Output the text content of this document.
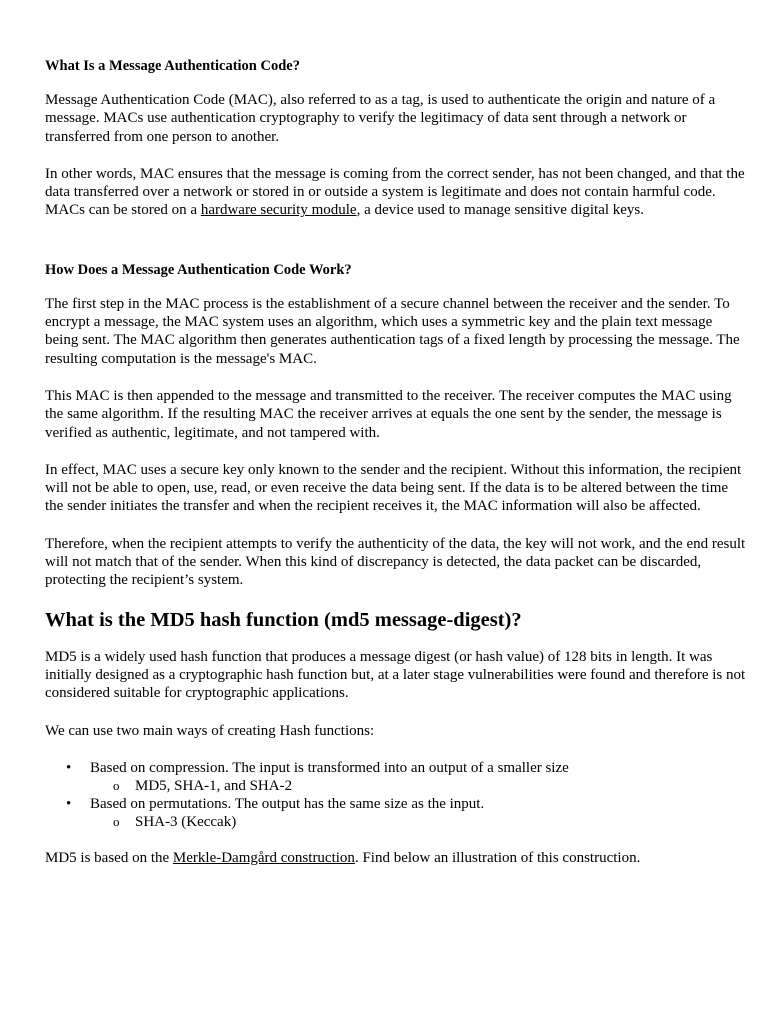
What Is a Message Authentication Code?

Message Authentication Code (MAC), also referred to as a tag, is used to authenticate the origin and nature of a message. MACs use authentication cryptography to verify the legitimacy of data sent through a network or transferred from one person to another.

In other words, MAC ensures that the message is coming from the correct sender, has not been changed, and that the data transferred over a network or stored in or outside a system is legitimate and does not contain harmful code. MACs can be stored on a hardware security module, a device used to manage sensitive digital keys.

How Does a Message Authentication Code Work?

The first step in the MAC process is the establishment of a secure channel between the receiver and the sender. To encrypt a message, the MAC system uses an algorithm, which uses a symmetric key and the plain text message being sent. The MAC algorithm then generates authentication tags of a fixed length by processing the message. The resulting computation is the message's MAC.

This MAC is then appended to the message and transmitted to the receiver. The receiver computes the MAC using the same algorithm. If the resulting MAC the receiver arrives at equals the one sent by the sender, the message is verified as authentic, legitimate, and not tampered with.

In effect, MAC uses a secure key only known to the sender and the recipient. Without this information, the recipient will not be able to open, use, read, or even receive the data being sent. If the data is to be altered between the time the sender initiates the transfer and when the recipient receives it, the MAC information will also be affected.

Therefore, when the recipient attempts to verify the authenticity of the data, the key will not work, and the end result will not match that of the sender. When this kind of discrepancy is detected, the data packet can be discarded, protecting the recipient’s system.

What is the MD5 hash function (md5 message-digest)?

MD5 is a widely used hash function that produces a message digest (or hash value) of 128 bits in length. It was initially designed as a cryptographic hash function but, at a later stage vulnerabilities were found and therefore is not considered suitable for cryptographic applications.

We can use two main ways of creating Hash functions:

• Based on compression. The input is transformed into an output of a smaller size
o MD5, SHA-1, and SHA-2
• Based on permutations. The output has the same size as the input.
o SHA-3 (Keccak)

MD5 is based on the Merkle-Damgård construction. Find below an illustration of this construction.
